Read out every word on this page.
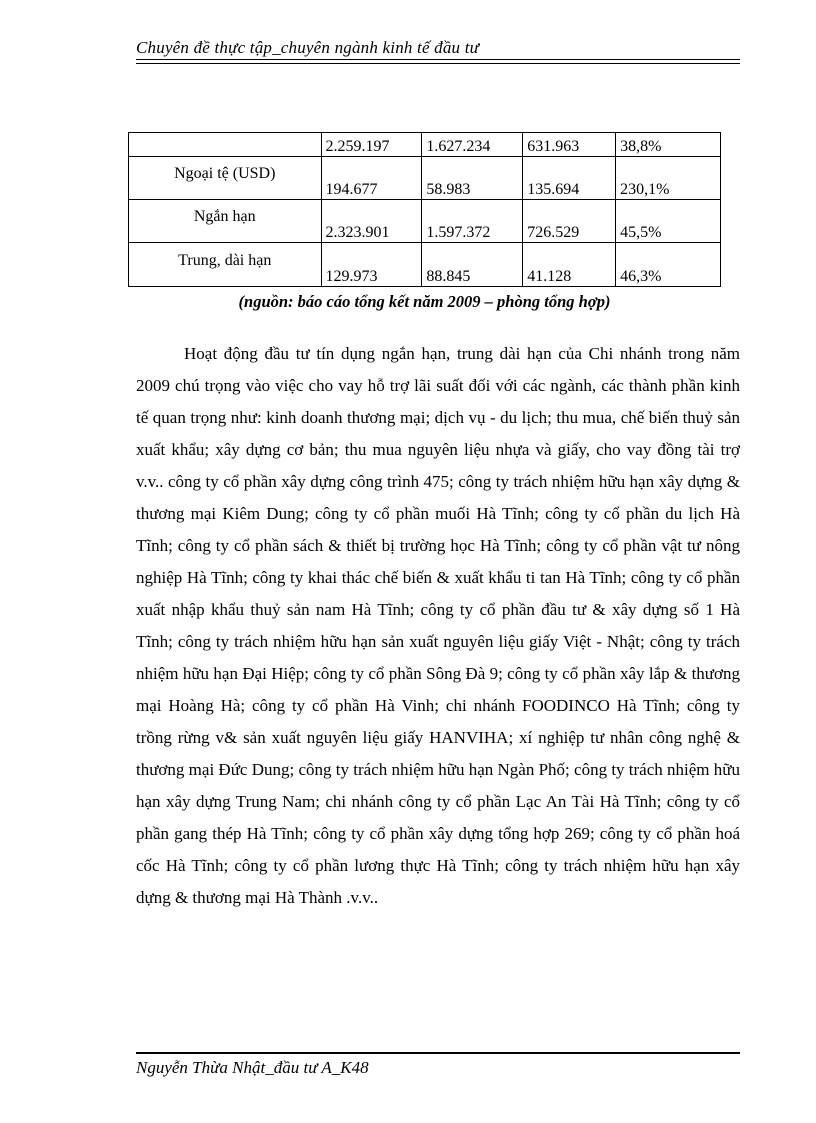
Chuyên đề thực tập_chuyên ngành kinh tế đầu tư
	2.259.197	1.627.234	631.963	38,8%
Ngoại tệ (USD)	194.677	58.983	135.694	230,1%
Ngắn hạn	2.323.901	1.597.372	726.529	45,5%
Trung, dài hạn	129.973	88.845	41.128	46,3%
(nguồn: báo cáo tổng kết năm 2009 – phòng tổng hợp)

Hoạt động đầu tư tín dụng ngắn hạn, trung dài hạn của Chi nhánh trong năm 2009 chú trọng vào việc cho vay hỗ trợ lãi suất đối với các ngành, các thành phần kinh tế quan trọng như: kinh doanh thương mại; dịch vụ - du lịch; thu mua, chế biến thuỷ sản xuất khẩu; xây dựng cơ bản; thu mua nguyên liệu nhựa và giấy, cho vay đồng tài trợ v.v.. công ty cổ phần xây dựng công trình 475; công ty trách nhiệm hữu hạn xây dựng & thương mại Kiêm Dung; công ty cổ phần muối Hà Tĩnh; công ty cổ phần du lịch Hà Tĩnh; công ty cổ phần sách & thiết bị trường học Hà Tĩnh; công ty cổ phần vật tư nông nghiệp Hà Tĩnh; công ty khai thác chế biến & xuất khẩu ti tan Hà Tĩnh; công ty cổ phần xuất nhập khẩu thuỷ sản nam Hà Tĩnh; công ty cổ phần đầu tư & xây dựng số 1 Hà Tĩnh; công ty trách nhiệm hữu hạn sản xuất nguyên liệu giấy Việt - Nhật; công ty trách nhiệm hữu hạn Đại Hiệp; công ty cổ phần Sông Đà 9; công ty cổ phần xây lắp & thương mại Hoàng Hà; công ty cổ phần Hà Vinh; chi nhánh FOODINCO Hà Tĩnh; công ty trồng rừng v& sản xuất nguyên liệu giấy HANVIHA; xí nghiệp tư nhân công nghệ & thương mại Đức Dung; công ty trách nhiệm hữu hạn Ngàn Phố; công ty trách nhiệm hữu hạn xây dựng Trung Nam; chi nhánh công ty cổ phần Lạc An Tài Hà Tĩnh; công ty cổ phần gang thép Hà Tĩnh; công ty cổ phần xây dựng tổng hợp 269; công ty cổ phần hoá cốc Hà Tĩnh; công ty cổ phần lương thực Hà Tĩnh; công ty trách nhiệm hữu hạn xây dựng & thương mại Hà Thành .v.v..

Nguyễn Thừa Nhật_đầu tư A_K48
